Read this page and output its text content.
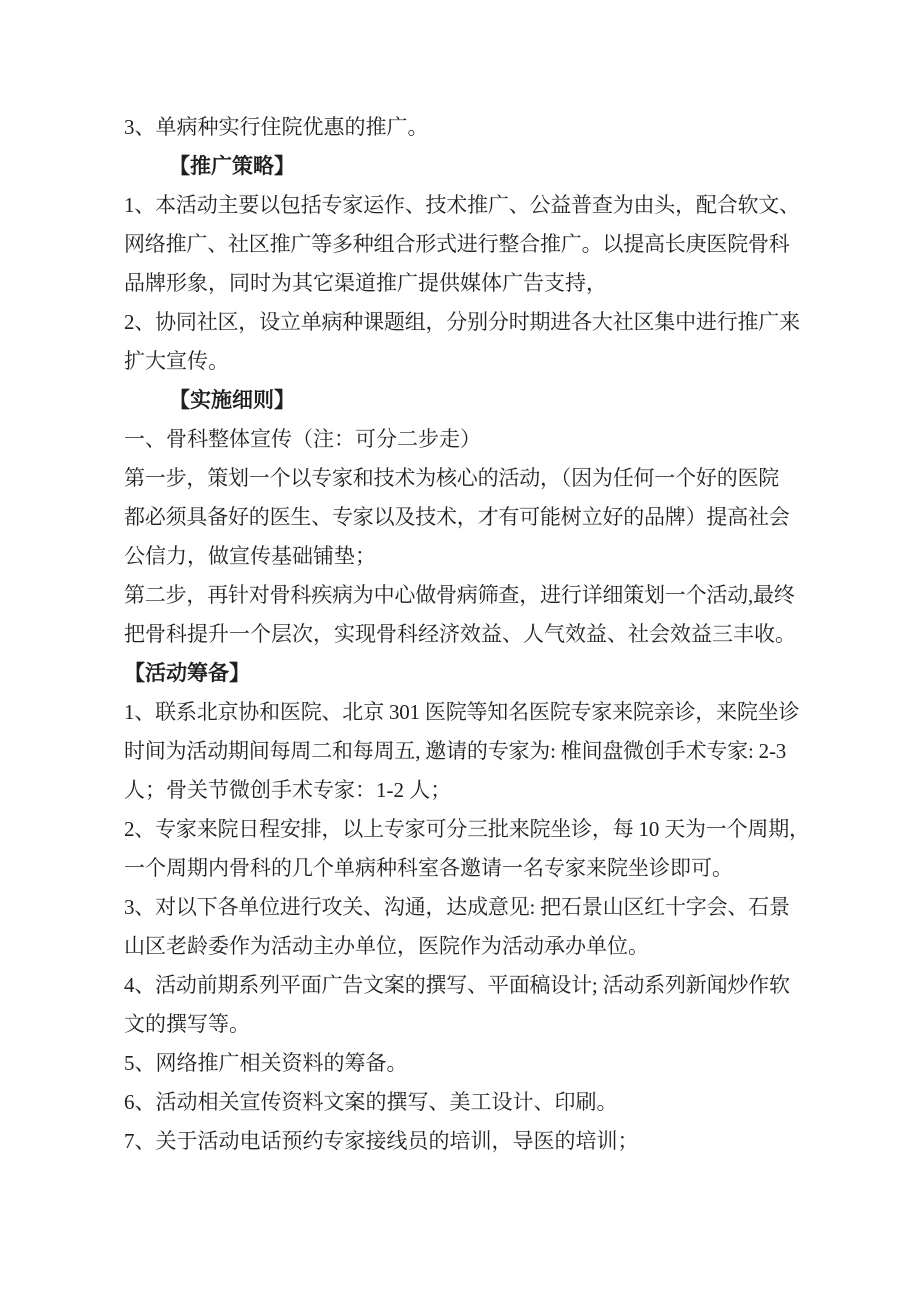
3、单病种实行住院优惠的推广。
【推广策略】
1、本活动主要以包括专家运作、技术推广、公益普查为由头，配合软文、
网络推广、社区推广等多种组合形式进行整合推广。以提高长庚医院骨科
品牌形象，同时为其它渠道推广提供媒体广告支持，
2、协同社区，设立单病种课题组，分别分时期进各大社区集中进行推广来
扩大宣传。
【实施细则】
一、骨科整体宣传（注：可分二步走）
第一步，策划一个以专家和技术为核心的活动，（因为任何一个好的医院
都必须具备好的医生、专家以及技术，才有可能树立好的品牌）提高社会
公信力，做宣传基础铺垫；
第二步，再针对骨科疾病为中心做骨病筛查，进行详细策划一个活动,最终
把骨科提升一个层次，实现骨科经济效益、人气效益、社会效益三丰收。
【活动筹备】
1、联系北京协和医院、北京 301 医院等知名医院专家来院亲诊，来院坐诊
时间为活动期间每周二和每周五, 邀请的专家为: 椎间盘微创手术专家: 2-3
人；骨关节微创手术专家：1-2 人；
2、专家来院日程安排，以上专家可分三批来院坐诊，每 10 天为一个周期，
一个周期内骨科的几个单病种科室各邀请一名专家来院坐诊即可。
3、对以下各单位进行攻关、沟通，达成意见: 把石景山区红十字会、石景
山区老龄委作为活动主办单位，医院作为活动承办单位。
4、活动前期系列平面广告文案的撰写、平面稿设计; 活动系列新闻炒作软
文的撰写等。
5、网络推广相关资料的筹备。
6、活动相关宣传资料文案的撰写、美工设计、印刷。
7、关于活动电话预约专家接线员的培训，导医的培训；
